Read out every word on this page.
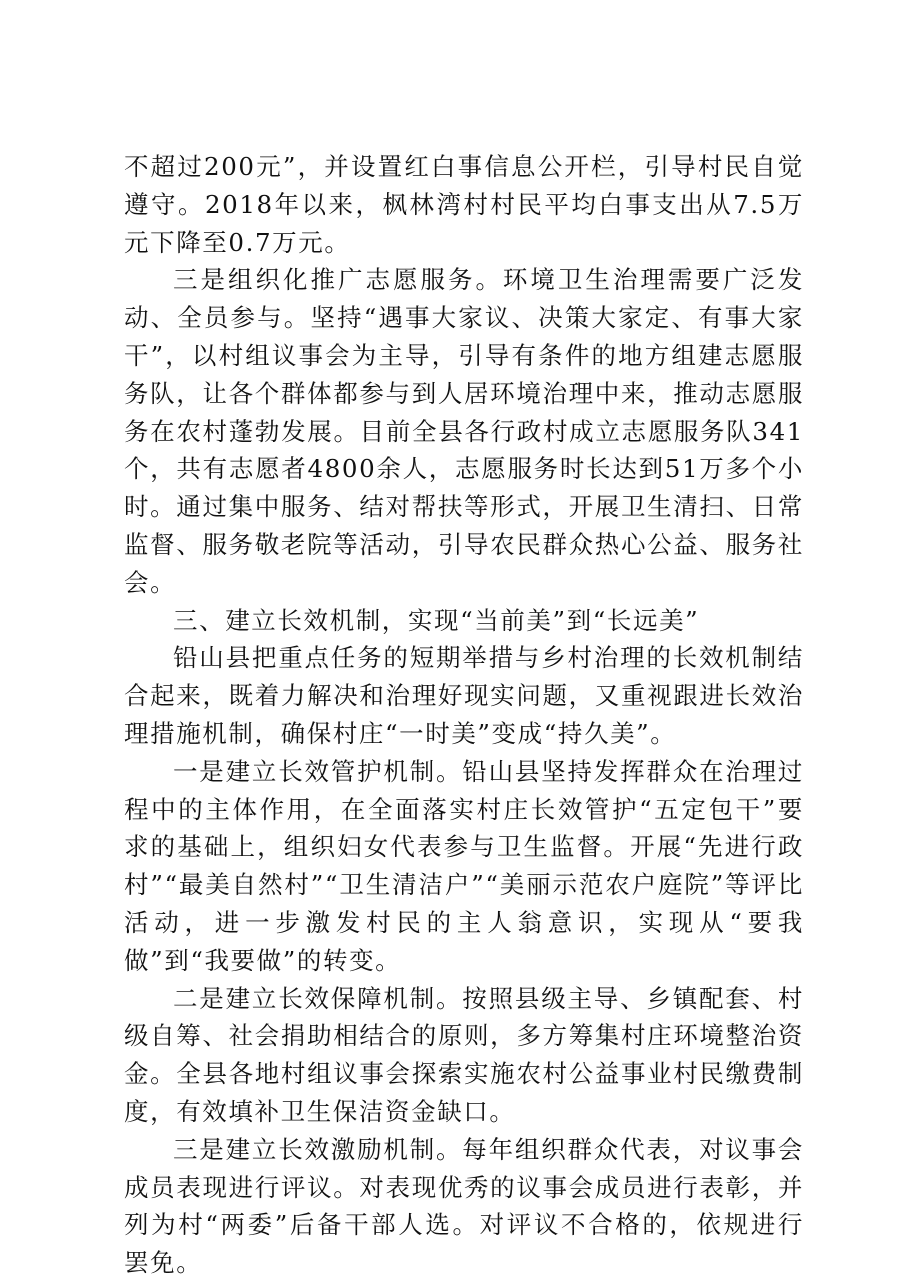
不超过200元”，并设置红白事信息公开栏，引导村民自觉遵守。2018年以来，枫林湾村村民平均白事支出从7.5万元下降至0.7万元。

三是组织化推广志愿服务。环境卫生治理需要广泛发动、全员参与。坚持“遇事大家议、决策大家定、有事大家干”，以村组议事会为主导，引导有条件的地方组建志愿服务队，让各个群体都参与到人居环境治理中来，推动志愿服务在农村蓬勃发展。目前全县各行政村成立志愿服务队341个，共有志愿者4800余人，志愿服务时长达到51万多个小时。通过集中服务、结对帮扶等形式，开展卫生清扫、日常监督、服务敬老院等活动，引导农民群众热心公益、服务社会。

三、建立长效机制，实现“当前美”到“长远美”

铅山县把重点任务的短期举措与乡村治理的长效机制结合起来，既着力解决和治理好现实问题，又重视跟进长效治理措施机制，确保村庄“一时美”变成“持久美”。

一是建立长效管护机制。铅山县坚持发挥群众在治理过程中的主体作用，在全面落实村庄长效管护“五定包干”要求的基础上，组织妇女代表参与卫生监督。开展“先进行政村”“最美自然村”“卫生清洁户”“美丽示范农户庭院”等评比活动，进一步激发村民的主人翁意识，实现从“要我做”到“我要做”的转变。

二是建立长效保障机制。按照县级主导、乡镇配套、村级自筹、社会捐助相结合的原则，多方筹集村庄环境整治资金。全县各地村组议事会探索实施农村公益事业村民缴费制度，有效填补卫生保洁资金缺口。

三是建立长效激励机制。每年组织群众代表，对议事会成员表现进行评议。对表现优秀的议事会成员进行表彰，并列为村“两委”后备干部人选。对评议不合格的，依规进行罢免。
